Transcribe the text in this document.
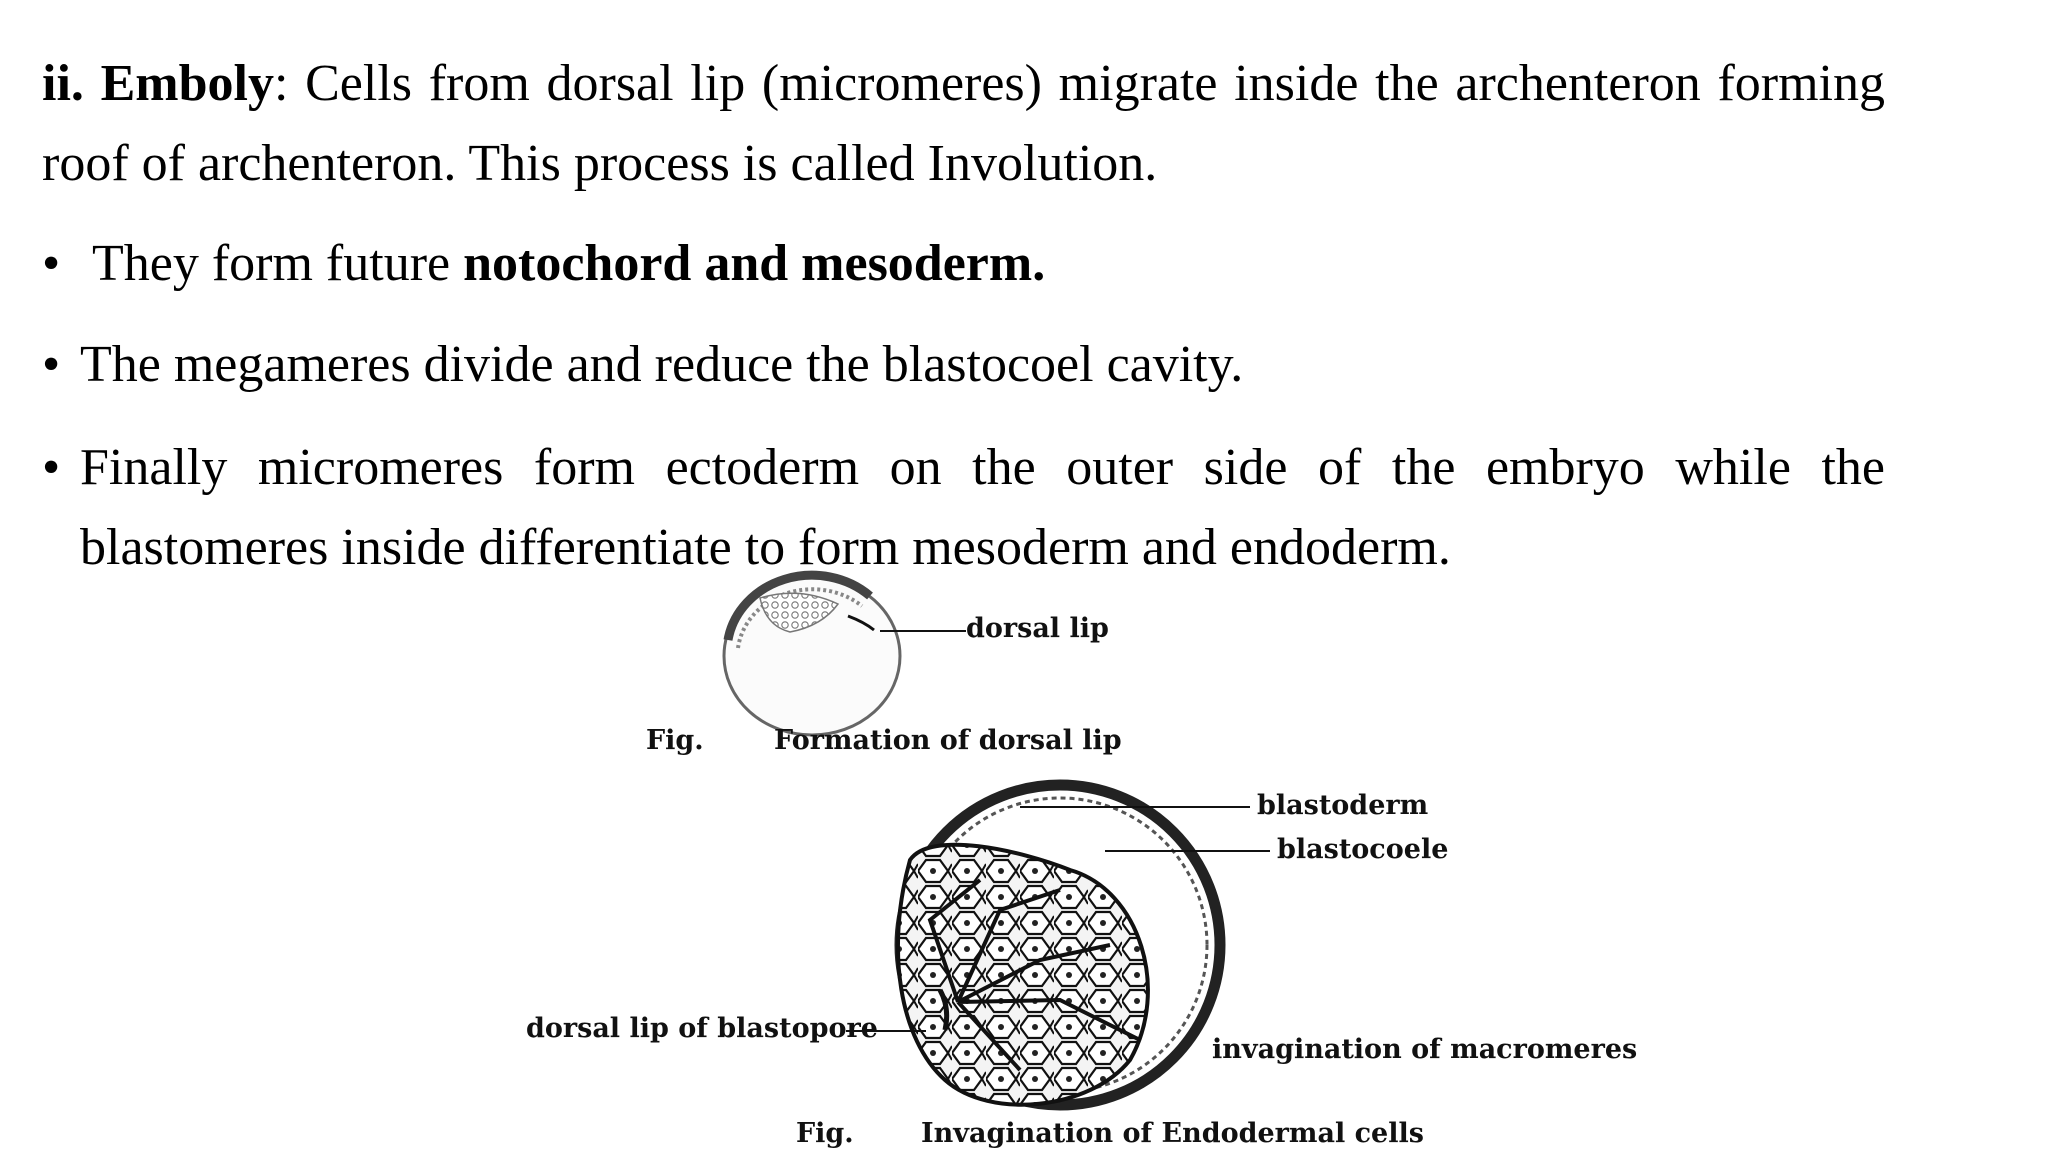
ii. Emboly: Cells from dorsal lip (micromeres) migrate inside the archenteron forming roof of archenteron. This process is called Involution.

• They form future notochord and mesoderm.
• The megameres divide and reduce the blastocoel cavity.
• Finally micromeres form ectoderm on the outer side of the embryo while the blastomeres inside differentiate to form mesoderm and endoderm.
dorsal lip
Fig.	Formation of dorsal lip
blastoderm
blastocoele
dorsal lip of blastopore
invagination of macromeres
Fig. Invagination of Endodermal cells
